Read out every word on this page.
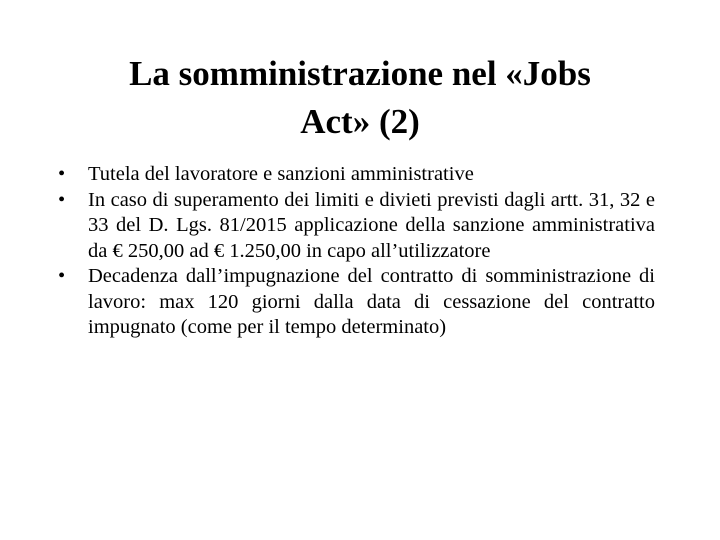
La somministrazione nel «Jobs
Act» (2)
•	Tutela del lavoratore e sanzioni amministrative
•	In caso di superamento dei limiti e divieti previsti dagli artt. 31, 32 e 33 del D. Lgs. 81/2015 applicazione della sanzione amministrativa da € 250,00 ad € 1.250,00 in capo all’utilizzatore
•	Decadenza dall’impugnazione del contratto di somministrazione di lavoro: max 120 giorni dalla data di cessazione del contratto impugnato (come per il tempo determinato)
